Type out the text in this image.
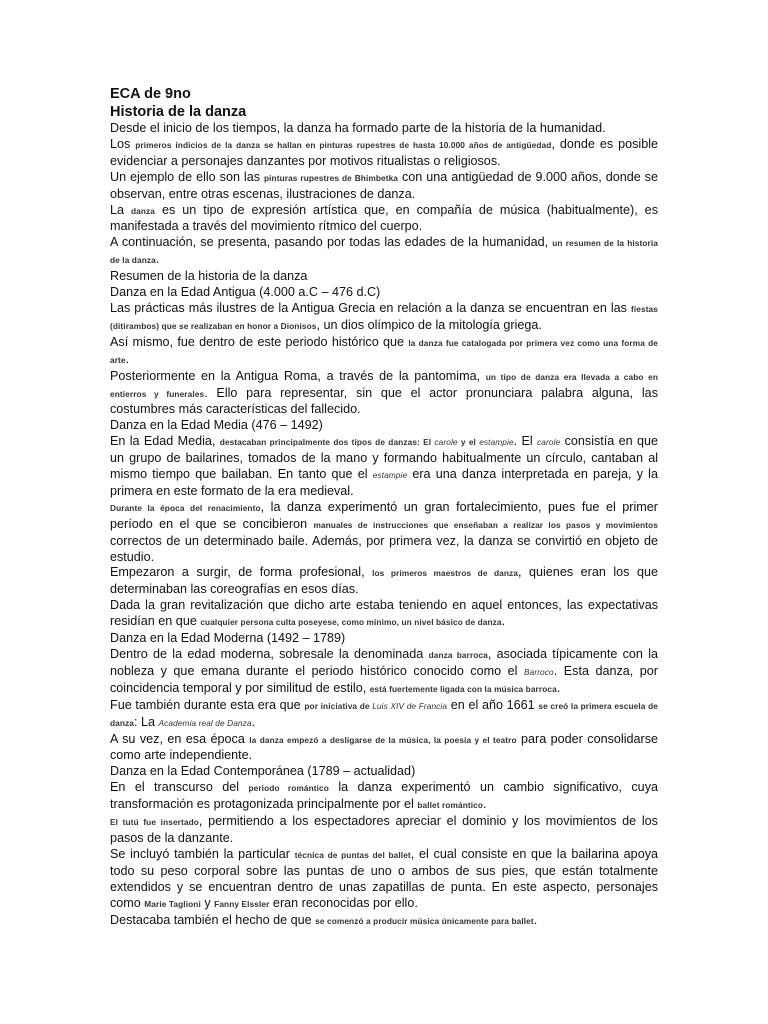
ECA de 9no
Historia de la danza

Desde el inicio de los tiempos, la danza ha formado parte de la historia de la humanidad.

Los primeros indicios de la danza se hallan en pinturas rupestres de hasta 10.000 años de antigüedad, donde es posible evidenciar a personajes danzantes por motivos ritualistas o religiosos.

Un ejemplo de ello son las pinturas rupestres de Bhimbetka con una antigüedad de 9.000 años, donde se observan, entre otras escenas, ilustraciones de danza.

La danza es un tipo de expresión artística que, en compañía de música (habitualmente), es manifestada a través del movimiento rítmico del cuerpo.

A continuación, se presenta, pasando por todas las edades de la humanidad, un resumen de la historia de la danza.

Resumen de la historia de la danza

Danza en la Edad Antigua (4.000 a.C – 476 d.C)

Las prácticas más ilustres de la Antigua Grecia en relación a la danza se encuentran en las fiestas (ditirambos) que se realizaban en honor a Dionisos, un dios olímpico de la mitología griega.

Así mismo, fue dentro de este periodo histórico que la danza fue catalogada por primera vez como una forma de arte.

Posteriormente en la Antigua Roma, a través de la pantomima, un tipo de danza era llevada a cabo en entierros y funerales. Ello para representar, sin que el actor pronunciara palabra alguna, las costumbres más características del fallecido.

Danza en la Edad Media (476 – 1492)

En la Edad Media, destacaban principalmente dos tipos de danzas: El carole y el estampie. El carole consistía en que un grupo de bailarines, tomados de la mano y formando habitualmente un círculo, cantaban al mismo tiempo que bailaban. En tanto que el estampie era una danza interpretada en pareja, y la primera en este formato de la era medieval.

Durante la época del renacimiento, la danza experimentó un gran fortalecimiento, pues fue el primer período en el que se concibieron manuales de instrucciones que enseñaban a realizar los pasos y movimientos correctos de un determinado baile. Además, por primera vez, la danza se convirtió en objeto de estudio.

Empezaron a surgir, de forma profesional, los primeros maestros de danza, quienes eran los que determinaban las coreografías en esos días.

Dada la gran revitalización que dicho arte estaba teniendo en aquel entonces, las expectativas residían en que cualquier persona culta poseyese, como mínimo, un nivel básico de danza.

Danza en la Edad Moderna (1492 – 1789)

Dentro de la edad moderna, sobresale la denominada danza barroca, asociada típicamente con la nobleza y que emana durante el periodo histórico conocido como el Barroco. Esta danza, por coincidencia temporal y por similitud de estilo, está fuertemente ligada con la música barroca.

Fue también durante esta era que por iniciativa de Luis XIV de Francia en el año 1661 se creó la primera escuela de danza: La Academia real de Danza.

A su vez, en esa época la danza empezó a desligarse de la música, la poesía y el teatro para poder consolidarse como arte independiente.

Danza en la Edad Contemporánea (1789 – actualidad)

En el transcurso del periodo romántico la danza experimentó un cambio significativo, cuya transformación es protagonizada principalmente por el ballet romántico.

El tutú fue insertado, permitiendo a los espectadores apreciar el dominio y los movimientos de los pasos de la danzante.

Se incluyó también la particular técnica de puntas del ballet, el cual consiste en que la bailarina apoya todo su peso corporal sobre las puntas de uno o ambos de sus pies, que están totalmente extendidos y se encuentran dentro de unas zapatillas de punta. En este aspecto, personajes como Marie Taglioni y Fanny Elssler eran reconocidas por ello.

Destacaba también el hecho de que se comenzó a producir música únicamente para ballet.
